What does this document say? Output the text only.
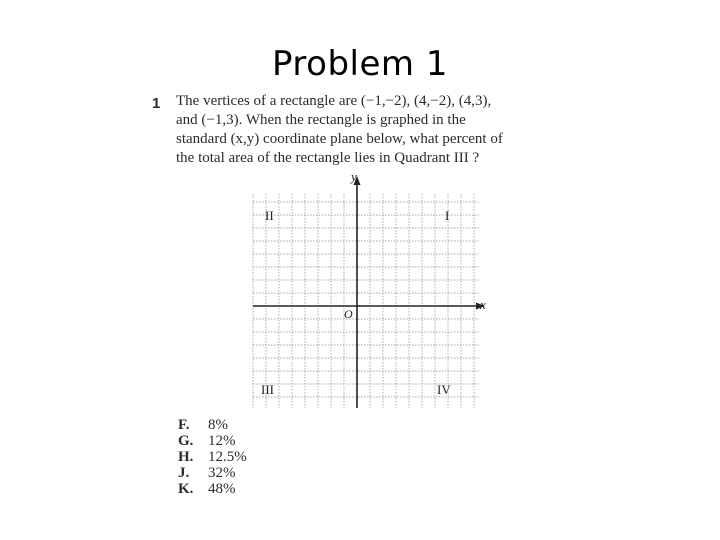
Problem 1
1 The vertices of a rectangle are (−1,−2), (4,−2), (4,3),
and (−1,3). When the rectangle is graphed in the
standard (x,y) coordinate plane below, what percent of
the total area of the rectangle lies in Quadrant III ?
y
x
O
II	I
III	IV
F.	8%
G. 12%
H. 12.5%
J.	32%
K. 48%
